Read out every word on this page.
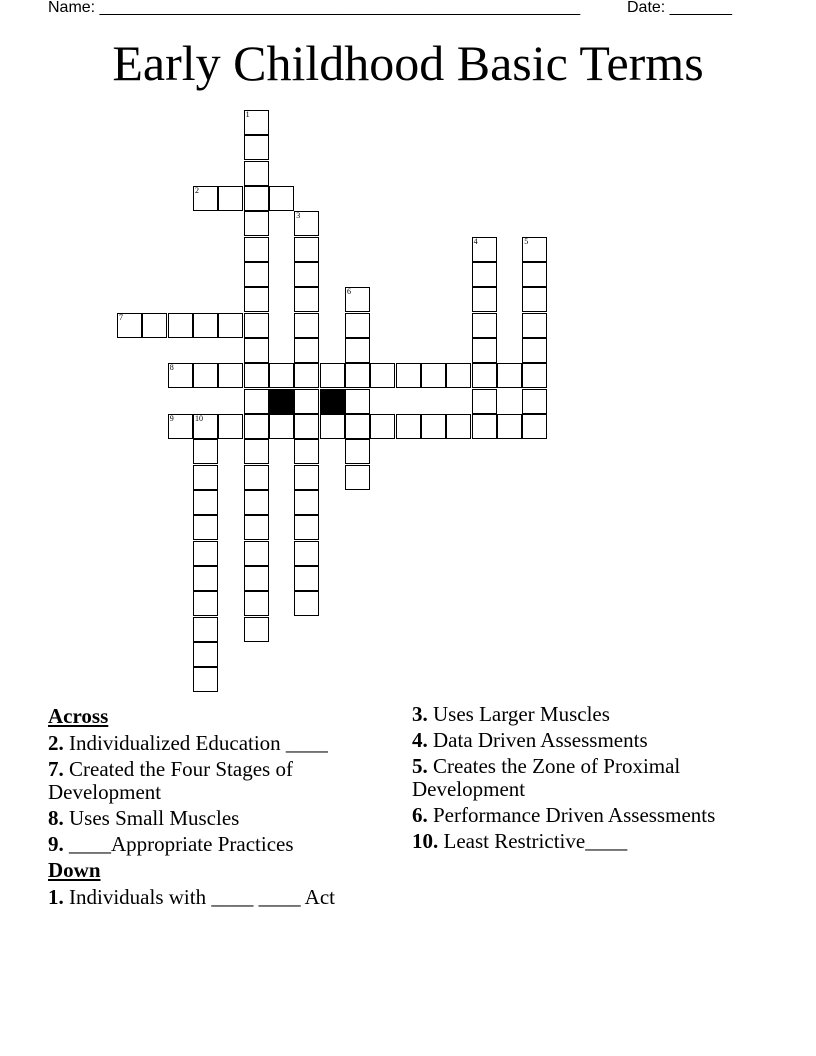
Name: ______________________________________________________	Date: _______
Early Childhood Basic Terms
1
2
3
4	5
6
7
8
9	10
Across
2. Individualized Education ____
7. Created the Four Stages of Development
8. Uses Small Muscles
9. ____Appropriate Practices
Down
1. Individuals with ____ ____ Act
3. Uses Larger Muscles
4. Data Driven Assessments
5. Creates the Zone of Proximal Development
6. Performance Driven Assessments
10. Least Restrictive____
